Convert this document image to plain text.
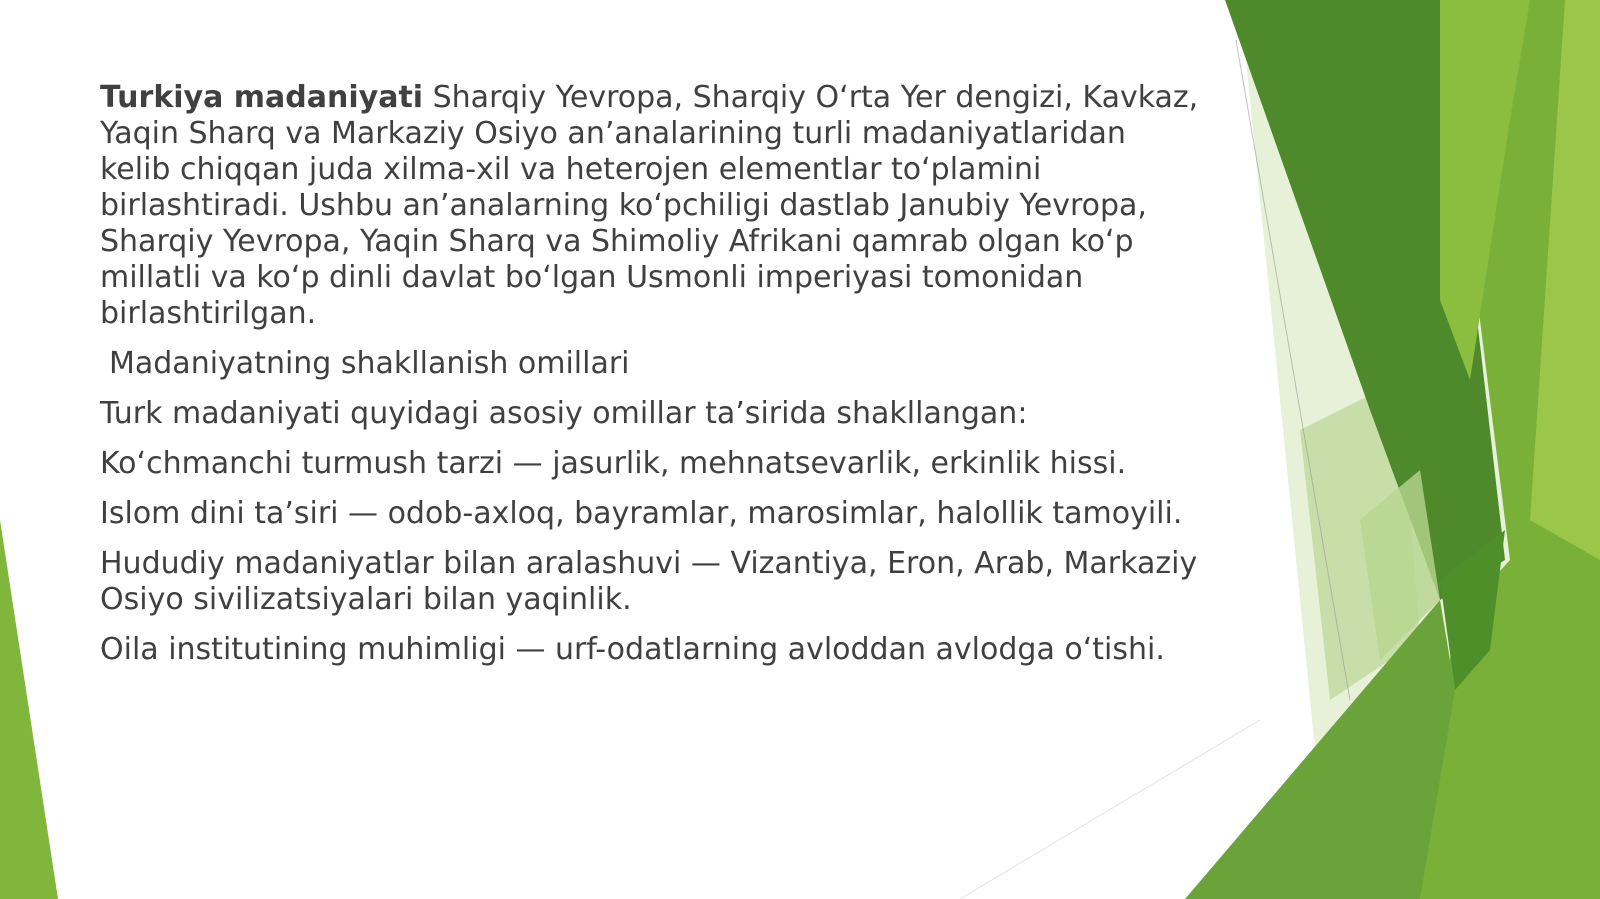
Turkiya madaniyati Sharqiy Yevropa, Sharqiy O‘rta Yer dengizi, Kavkaz, Yaqin Sharq va Markaziy Osiyo an’analarining turli madaniyatlaridan kelib chiqqan juda xilma-xil va heterojen elementlar to‘plamini birlashtiradi. Ushbu an’analarning ko‘pchiligi dastlab Janubiy Yevropa, Sharqiy Yevropa, Yaqin Sharq va Shimoliy Afrikani qamrab olgan ko‘p millatli va ko‘p dinli davlat bo‘lgan Usmonli imperiyasi tomonidan birlashtirilgan.

Madaniyatning shakllanish omillari

Turk madaniyati quyidagi asosiy omillar ta’sirida shakllangan:

Ko‘chmanchi turmush tarzi — jasurlik, mehnatsevarlik, erkinlik hissi.

Islom dini ta’siri — odob-axloq, bayramlar, marosimlar, halollik tamoyili.

Hududiy madaniyatlar bilan aralashuvi — Vizantiya, Eron, Arab, Markaziy Osiyo sivilizatsiyalari bilan yaqinlik.

Oila institutining muhimligi — urf-odatlarning avloddan avlodga o‘tishi.
